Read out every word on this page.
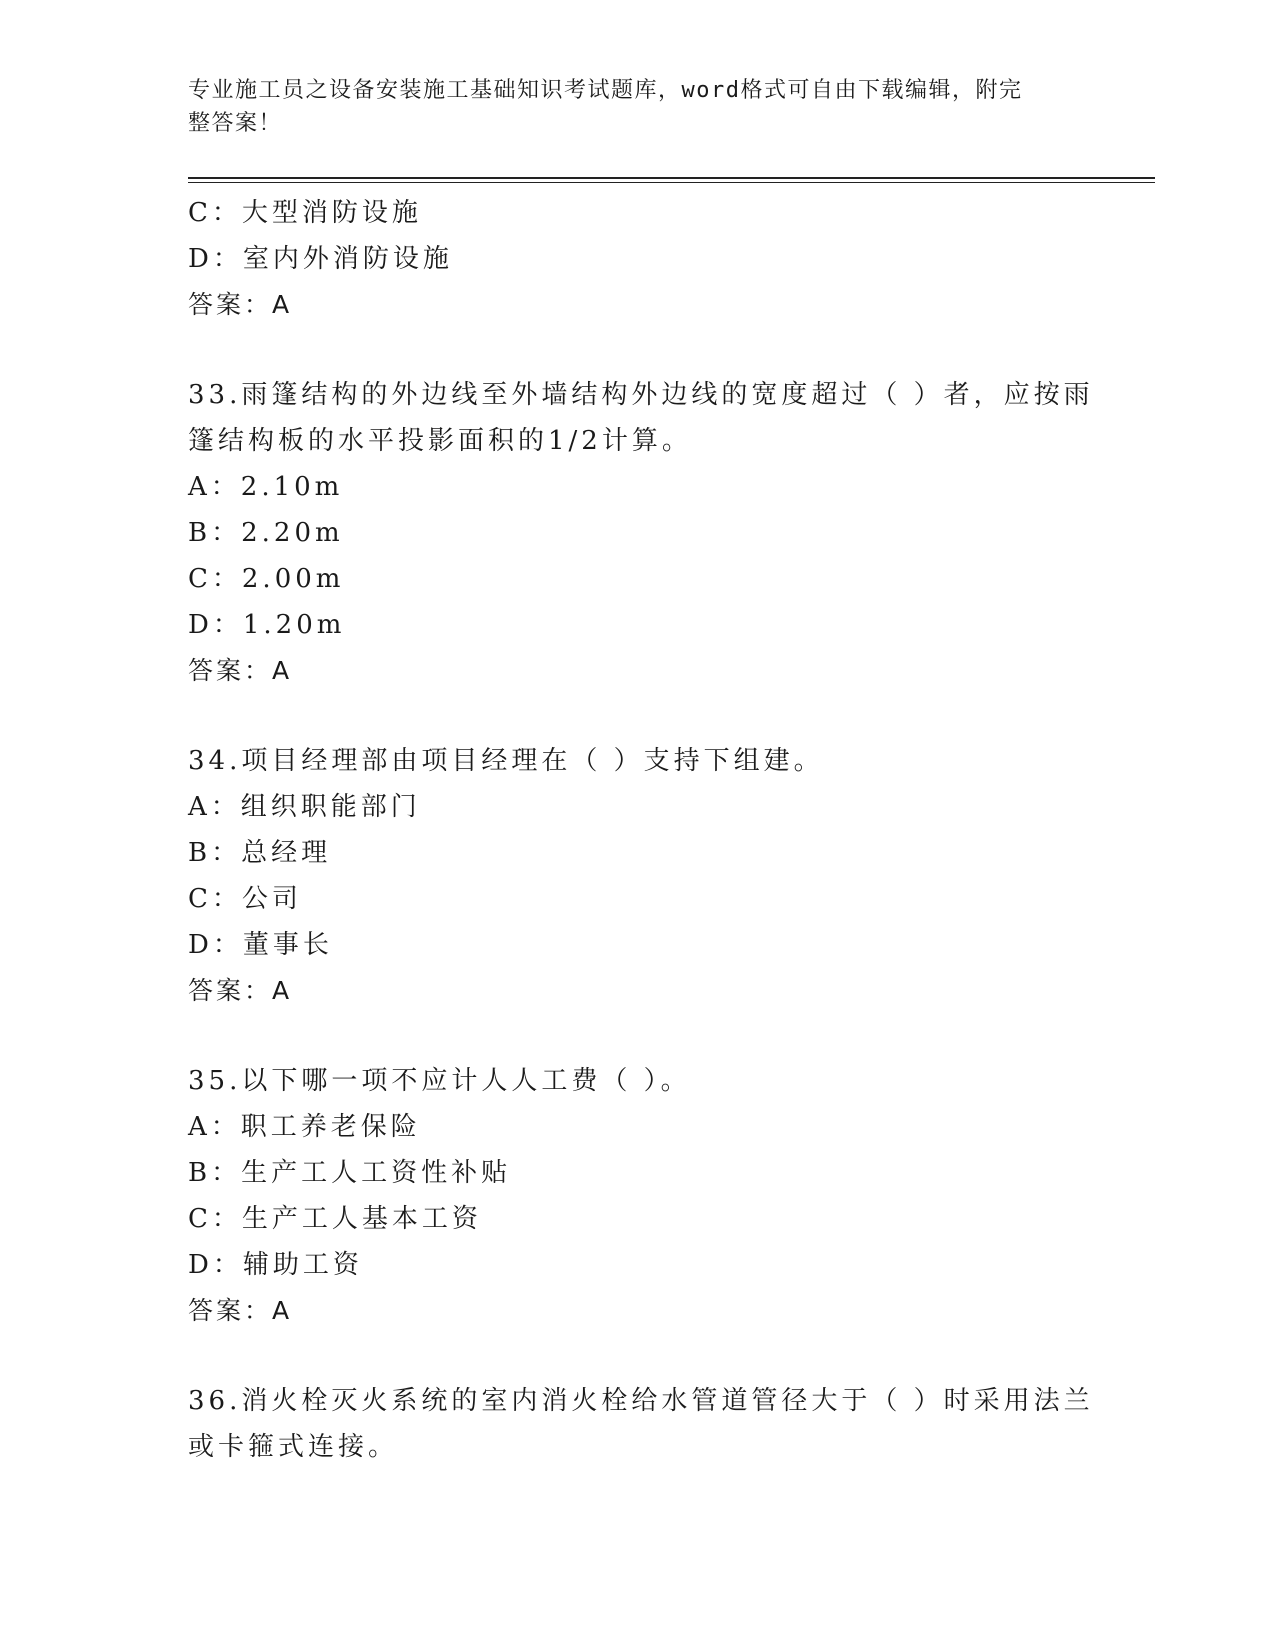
专业施工员之设备安装施工基础知识考试题库，word格式可自由下载编辑，附完
整答案！
C：大型消防设施
D：室内外消防设施
答案：A
33.雨篷结构的外边线至外墙结构外边线的宽度超过（ ）者，应按雨
篷结构板的水平投影面积的1/2计算。
A：2.10m
B：2.20m
C：2.00m
D：1.20m
答案：A
34.项目经理部由项目经理在（ ）支持下组建。
A：组织职能部门
B：总经理
C：公司
D：董事长
答案：A
35.以下哪一项不应计人人工费（ ）。
A：职工养老保险
B：生产工人工资性补贴
C：生产工人基本工资
D：辅助工资
答案：A
36.消火栓灭火系统的室内消火栓给水管道管径大于（ ）时采用法兰
或卡箍式连接。
